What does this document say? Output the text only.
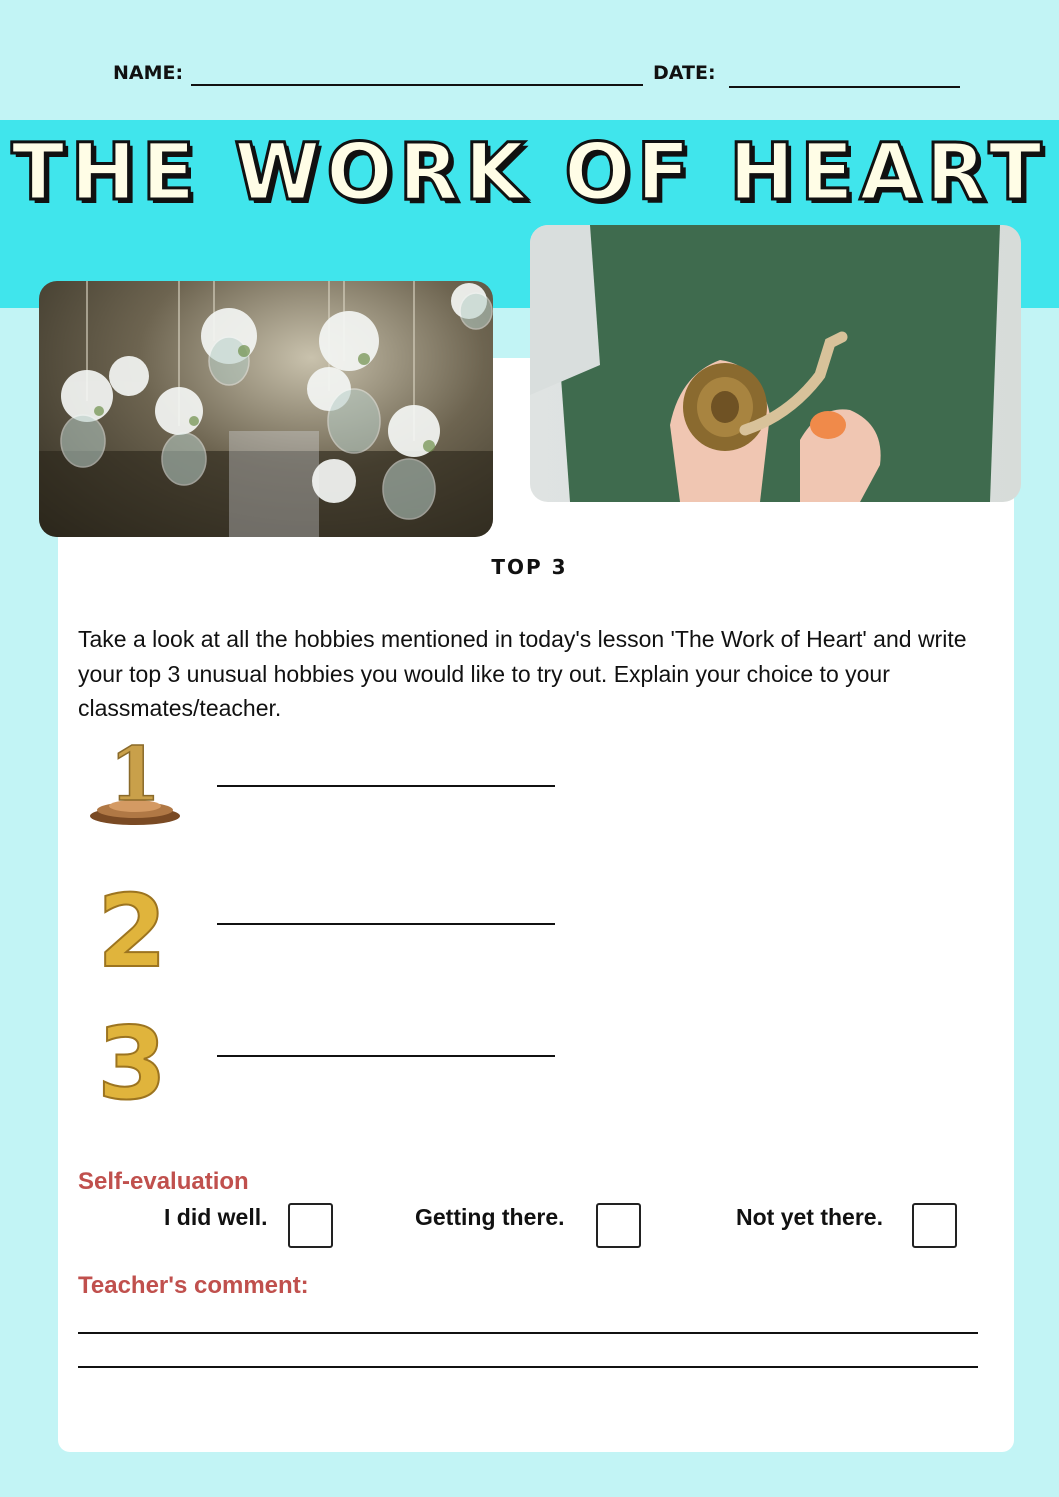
NAME:	DATE:
THE WORK OF HEART
TOP 3
Take a look at all the hobbies mentioned in today's lesson 'The Work of Heart' and write your top 3 unusual hobbies you would like to try out. Explain your choice to your classmates/teacher.
1
2
3
Self-evaluation
I did well.	Getting there.	Not yet there.
Teacher's comment:
